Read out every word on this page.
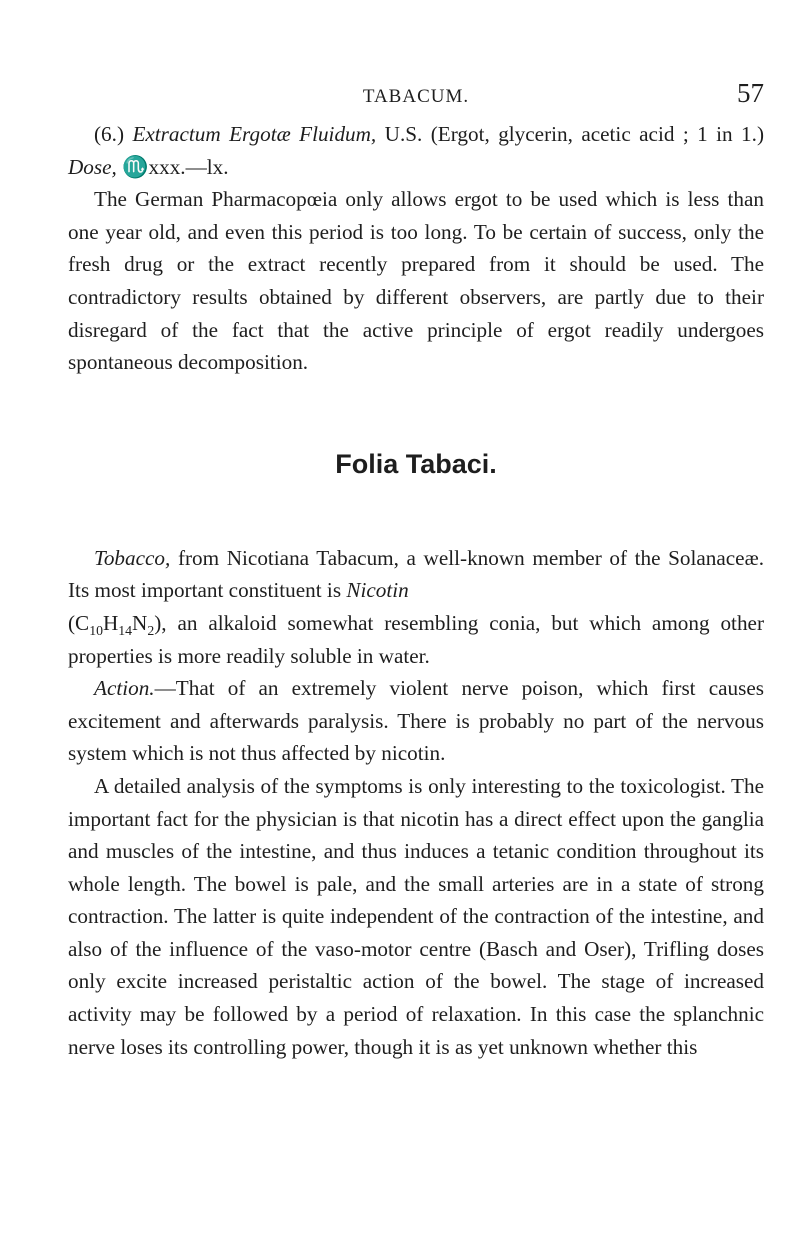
TABACUM.	57

(6.) Extractum Ergotæ Fluidum, U.S. (Ergot, glycerin, acetic acid ; 1 in 1.) Dose, ♏xxx.—lx.

The German Pharmacopœia only allows ergot to be used which is less than one year old, and even this period is too long. To be certain of success, only the fresh drug or the extract recently prepared from it should be used. The contradictory results obtained by different observers, are partly due to their disregard of the fact that the active principle of ergot readily undergoes spontaneous decomposition.

Folia Tabaci.

Tobacco, from Nicotiana Tabacum, a well-known member of the Solanaceæ. Its most important constituent is Nicotin
$(C_{10}H_{14}N_2)$, an alkaloid somewhat resembling conia, but which among other properties is more readily soluble in water.

Action.—That of an extremely violent nerve poison, which first causes excitement and afterwards paralysis. There is probably no part of the nervous system which is not thus affected by nicotin.

A detailed analysis of the symptoms is only interesting to the toxicologist. The important fact for the physician is that nicotin has a direct effect upon the ganglia and muscles of the intestine, and thus induces a tetanic condition throughout its whole length. The bowel is pale, and the small arteries are in a state of strong contraction. The latter is quite independent of the contraction of the intestine, and also of the influence of the vaso-motor centre (Basch and Oser), Trifling doses only excite increased peristaltic action of the bowel. The stage of increased activity may be followed by a period of relaxation. In this case the splanchnic nerve loses its controlling power, though it is as yet unknown whether this
